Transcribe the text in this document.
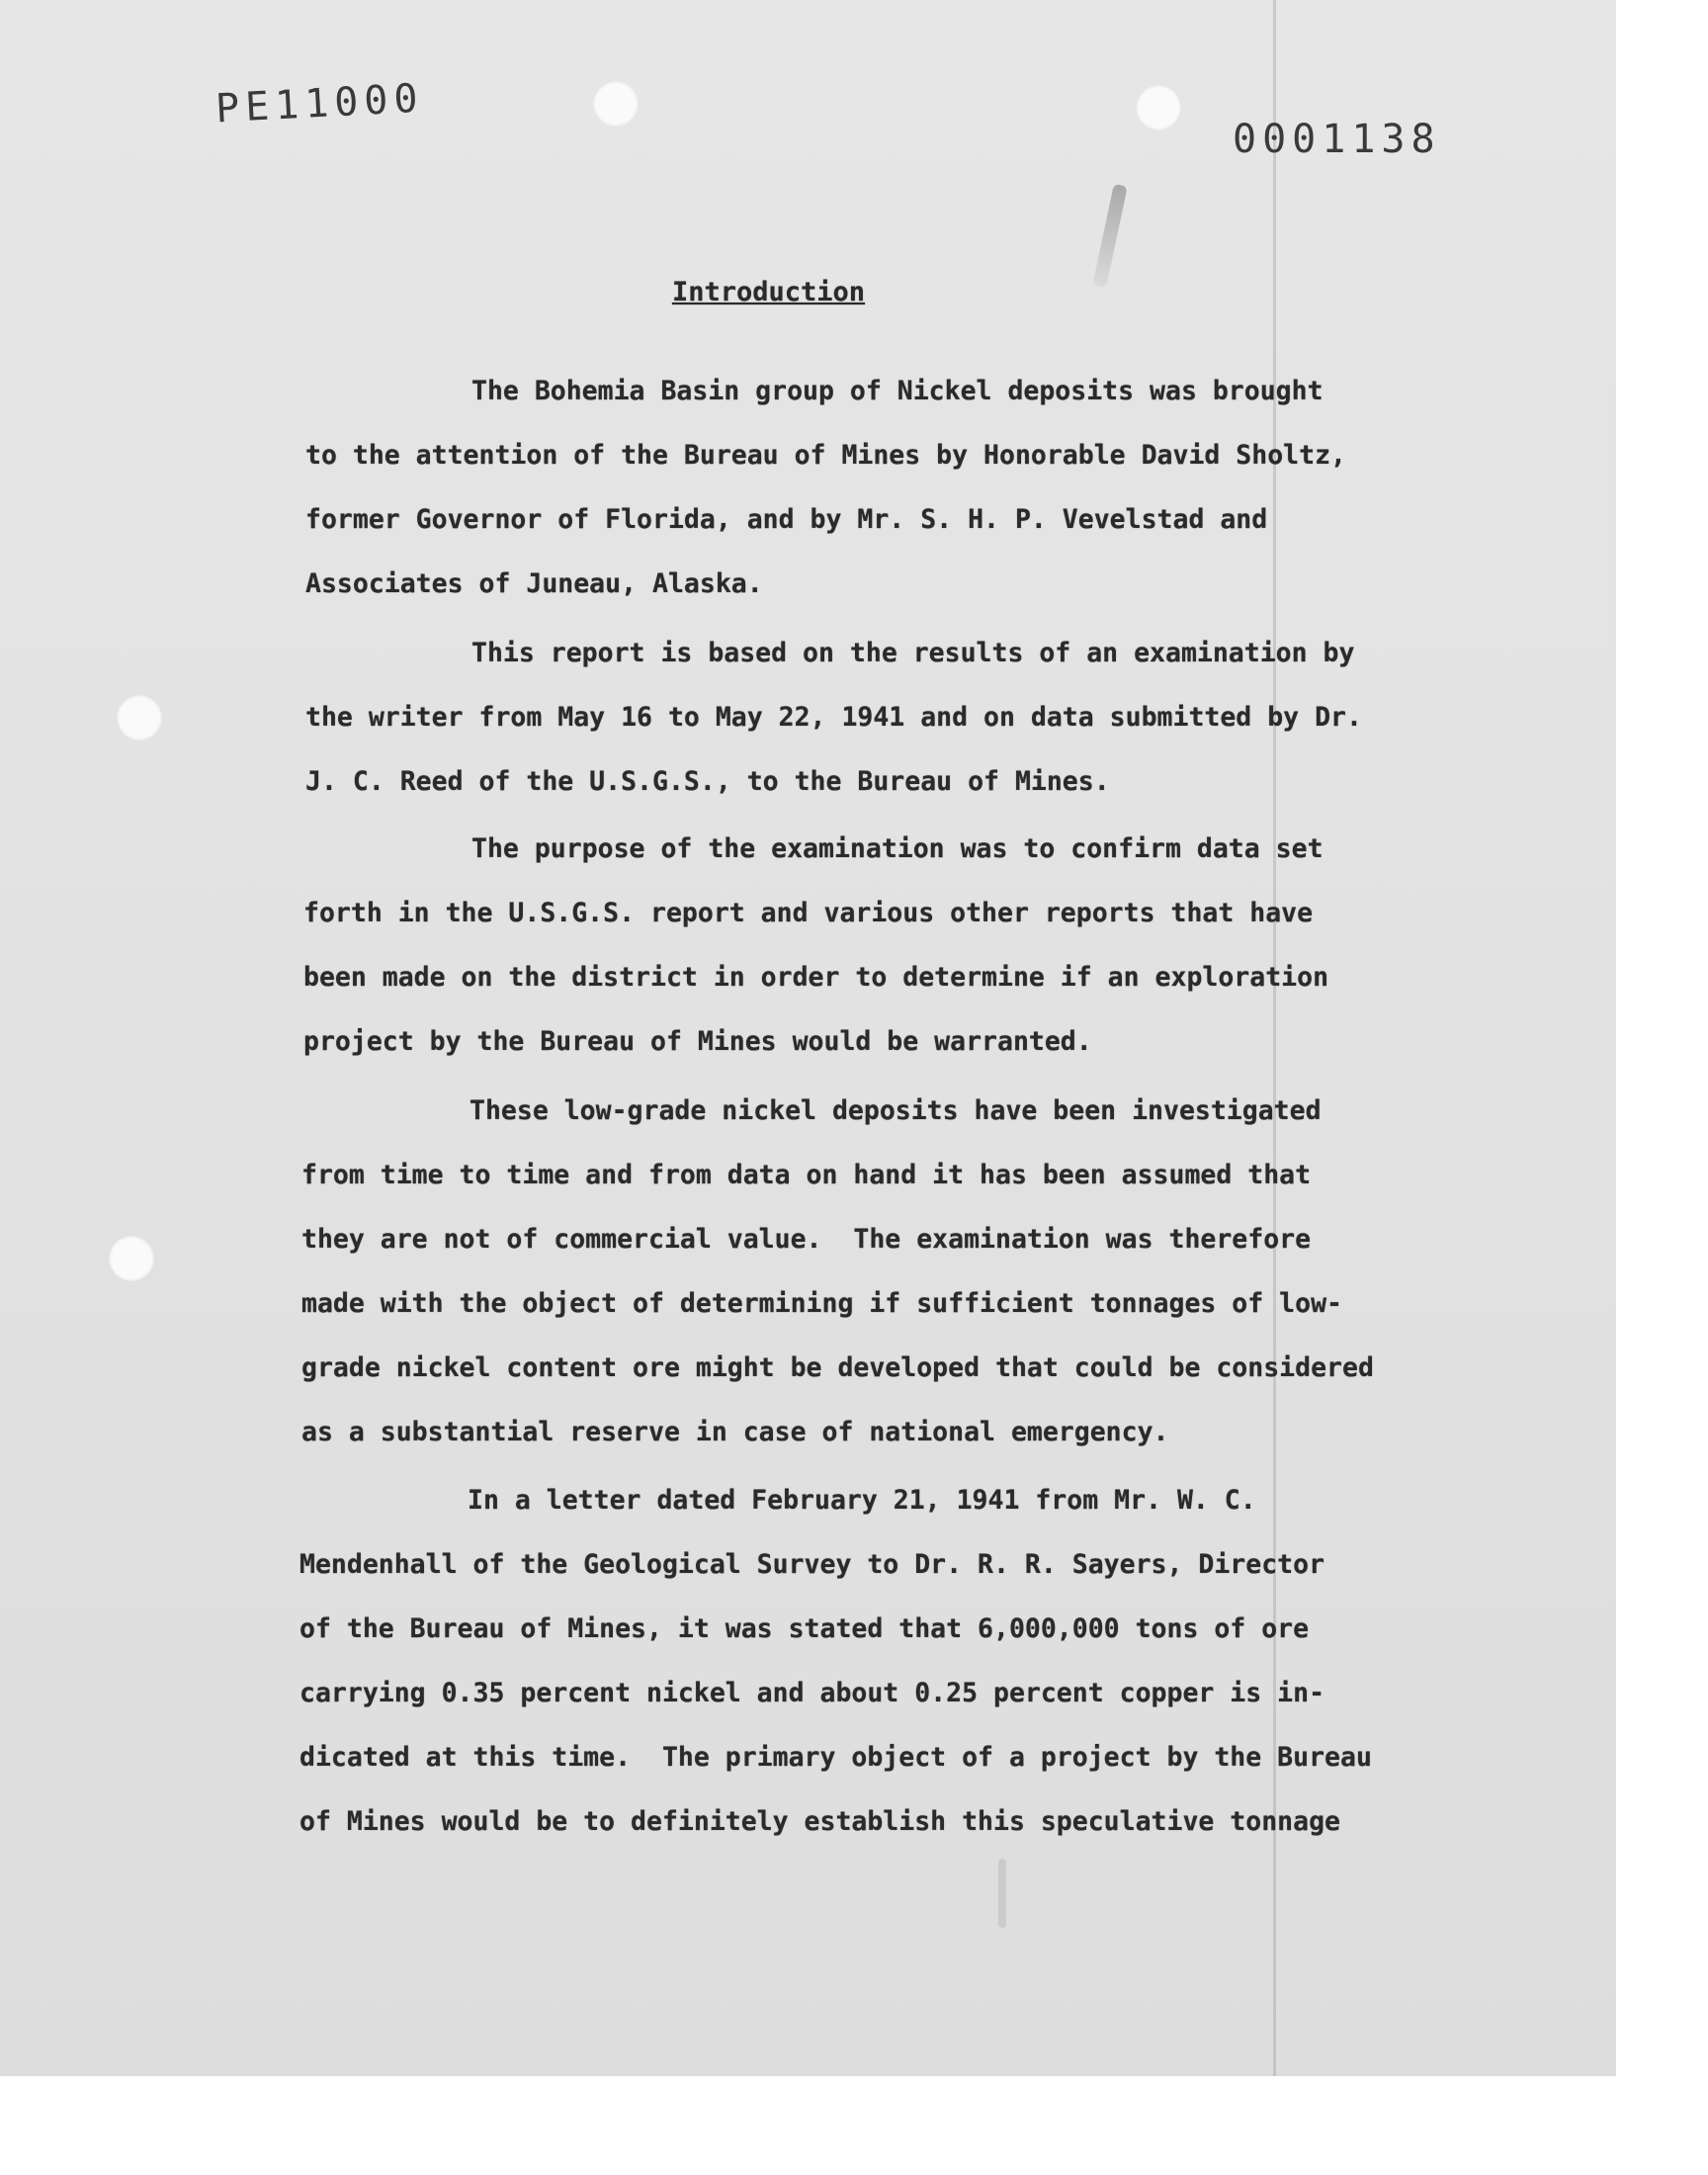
PE11000
0001138
Introduction
The Bohemia Basin group of Nickel deposits was brought
to the attention of the Bureau of Mines by Honorable David Sholtz,
former Governor of Florida, and by Mr. S. H. P. Vevelstad and
Associates of Juneau, Alaska.
This report is based on the results of an examination by
the writer from May 16 to May 22, 1941 and on data submitted by Dr.
J. C. Reed of the U.S.G.S., to the Bureau of Mines.
The purpose of the examination was to confirm data set
forth in the U.S.G.S. report and various other reports that have
been made on the district in order to determine if an exploration
project by the Bureau of Mines would be warranted.
These low-grade nickel deposits have been investigated
from time to time and from data on hand it has been assumed that
they are not of commercial value.  The examination was therefore
made with the object of determining if sufficient tonnages of low-
grade nickel content ore might be developed that could be considered
as a substantial reserve in case of national emergency.
In a letter dated February 21, 1941 from Mr. W. C.
Mendenhall of the Geological Survey to Dr. R. R. Sayers, Director
of the Bureau of Mines, it was stated that 6,000,000 tons of ore
carrying 0.35 percent nickel and about 0.25 percent copper is in-
dicated at this time.  The primary object of a project by the Bureau
of Mines would be to definitely establish this speculative tonnage
